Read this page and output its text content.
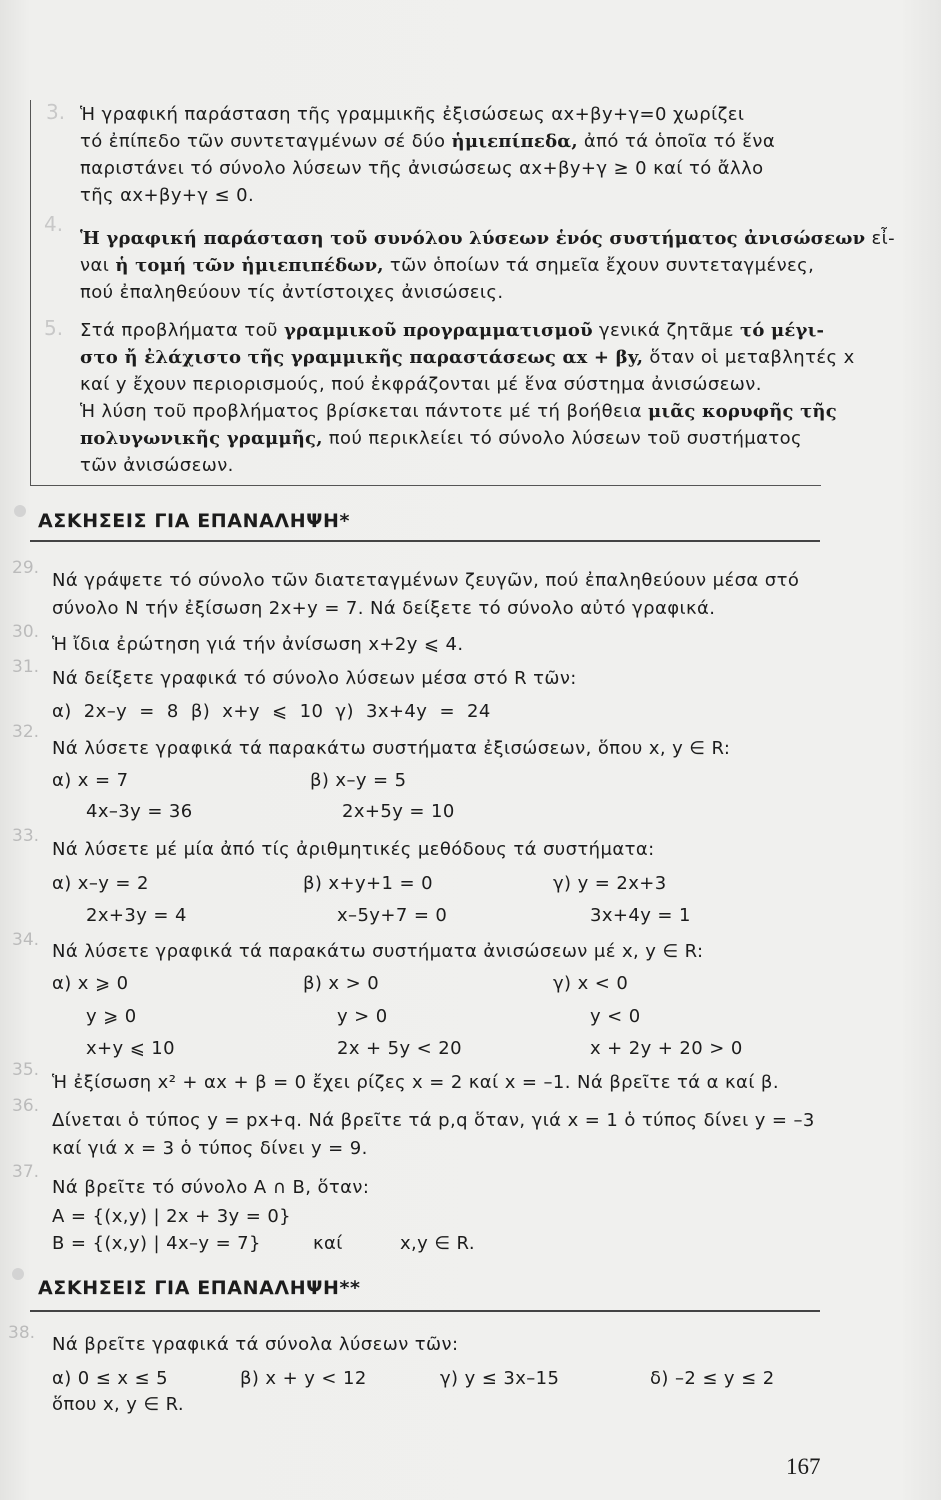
3. Ἡ γραφική παράσταση τῆς γραμμικῆς ἐξισώσεως αx+βy+γ=0 χωρίζει
τό ἐπίπεδο τῶν συντεταγμένων σέ δύο ἡμιεπίπεδα, ἀπό τά ὁποῖα τό ἕνα
παριστάνει τό σύνολο λύσεων τῆς ἀνισώσεως αx+βy+γ ≥ 0 καί τό ἄλλο
τῆς αx+βy+γ ≤ 0.
4.
Ἡ γραφική παράσταση τοῦ συνόλου λύσεων ἑνός συστήματος ἀνισώσεων εἶ-
ναι ἡ τομή τῶν ἡμιεπιπέδων, τῶν ὁποίων τά σημεῖα ἔχουν συντεταγμένες,
πού ἐπαληθεύουν τίς ἀντίστοιχες ἀνισώσεις.
5. Στά προβλήματα τοῦ γραμμικοῦ προγραμματισμοῦ γενικά ζητᾶμε τό μέγι-
στο ἤ ἐλάχιστο τῆς γραμμικῆς παραστάσεως αx + βy, ὅταν οἱ μεταβλητές x
καί y ἔχουν περιορισμούς, πού ἐκφράζονται μέ ἕνα σύστημα ἀνισώσεων.
Ἡ λύση τοῦ προβλήματος βρίσκεται πάντοτε μέ τή βοήθεια μιᾶς κορυφῆς τῆς
πολυγωνικῆς γραμμῆς, πού περικλείει τό σύνολο λύσεων τοῦ συστήματος
τῶν ἀνισώσεων.
ΑΣΚΗΣΕΙΣ ΓΙΑ ΕΠΑΝΑΛΗΨΗ*
29.
Νά γράψετε τό σύνολο τῶν διατεταγμένων ζευγῶν, πού ἐπαληθεύουν μέσα στό
σύνολο N τήν ἐξίσωση 2x+y = 7. Νά δείξετε τό σύνολο αὐτό γραφικά.
30.
Ἡ ἴδια ἐρώτηση γιά τήν ἀνίσωση x+2y ⩽ 4.
31.
Νά δείξετε γραφικά τό σύνολο λύσεων μέσα στό R τῶν:
α) 2x–y = 8 β) x+y ⩽ 10 γ) 3x+4y = 24
32.
Νά λύσετε γραφικά τά παρακάτω συστήματα ἐξισώσεων, ὅπου x, y ∈ R:
α) x = 7	β) x–y = 5
4x–3y = 36	2x+5y = 10
33.
Νά λύσετε μέ μία ἀπό τίς ἀριθμητικές μεθόδους τά συστήματα:
α) x–y = 2	β) x+y+1 = 0	γ) y = 2x+3
2x+3y = 4	x–5y+7 = 0	3x+4y = 1
34.
Νά λύσετε γραφικά τά παρακάτω συστήματα ἀνισώσεων μέ x, y ∈ R:
α) x ⩾ 0	β) x > 0	γ) x < 0
y ⩾ 0	y > 0	y < 0
x+y ⩽ 10	2x + 5y < 20	x + 2y + 20 > 0
35.
Ἡ ἐξίσωση x² + αx + β = 0 ἔχει ρίζες x = 2 καί x = –1. Νά βρεῖτε τά α καί β.
36.
Δίνεται ὁ τύπος y = px+q. Νά βρεῖτε τά p,q ὅταν, γιά x = 1 ὁ τύπος δίνει y = –3
καί γιά x = 3 ὁ τύπος δίνει y = 9.
37.
Νά βρεῖτε τό σύνολο A ∩ B, ὅταν:
A = {(x,y) | 2x + 3y = 0}
B = {(x,y) | 4x–y = 7}	καί	x,y ∈ R.
ΑΣΚΗΣΕΙΣ ΓΙΑ ΕΠΑΝΑΛΗΨΗ**
38.
Νά βρεῖτε γραφικά τά σύνολα λύσεων τῶν:
α) 0 ≤ x ≤ 5	β) x + y < 12	γ) y ≤ 3x–15	δ) –2 ≤ y ≤ 2
ὅπου x, y ∈ R.
167
